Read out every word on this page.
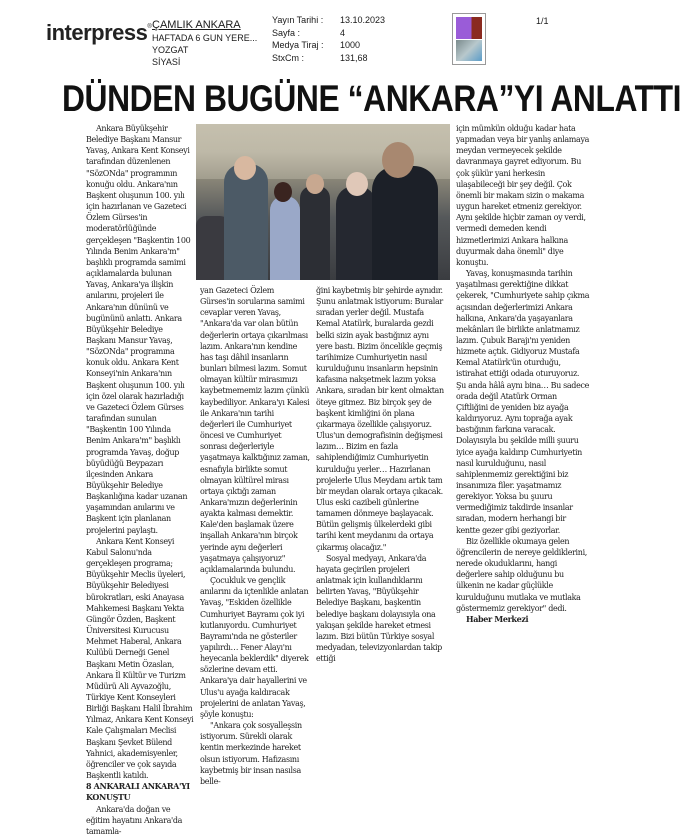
interpress® ÇAMLIK ANKARA
HAFTADA 6 GUN YERE...
YOZGAT
SİYASİ
Yayın Tarihi :	13.10.2023
Sayfa :	4
Medya Tiraj :	1000
StxCm :	131,68
1/1
DÜNDEN BUGÜNE “ANKARA”YI ANLATTI

Ankara Büyükşehir Belediye Başkanı Mansur Yavaş, Ankara Kent Konseyi tarafından düzenlenen "SözONda" programının konuğu oldu. Ankara'nın Başkent oluşunun 100. yılı için hazırlanan ve Gazeteci Özlem Gürses'in moderatörlüğünde gerçekleşen "Başkentin 100 Yılında Benim Ankara'm" başlıklı programda samimi açıklamalarda bulunan Yavaş, Ankara'ya ilişkin anılarını, projeleri ile Ankara'nın dününü ve bugününü anlattı. Ankara Büyükşehir Belediye Başkanı Mansur Yavaş, "SözONda" programına konuk oldu. Ankara Kent Konseyi'nin Ankara'nın Başkent oluşunun 100. yılı için özel olarak hazırladığı ve Gazeteci Özlem Gürses tarafından sunulan "Başkentin 100 Yılında Benim Ankara'm" başlıklı programda Yavaş, doğup büyüdüğü Beypazarı ilçesinden Ankara Büyükşehir Belediye Başkanlığına kadar uzanan yaşamından anılarını ve Başkent için planlanan projelerini paylaştı.

Ankara Kent Konseyi Kabul Salonu'nda gerçekleşen programa; Büyükşehir Meclis üyeleri, Büyükşehir Belediyesi bürokratları, eski Anayasa Mahkemesi Başkanı Yekta Güngör Özden, Başkent Üniversitesi Kurucusu Mehmet Haberal, Ankara Kulübü Derneği Genel Başkanı Metin Özaslan, Ankara İl Kültür ve Turizm Müdürü Ali Ayvazoğlu, Türkiye Kent Konseyleri Birliği Başkanı Halil İbrahim Yılmaz, Ankara Kent Konseyi Kale Çalışmaları Meclisi Başkanı Şevket Bülend Yahnici, akademisyenler, öğrenciler ve çok sayıda Başkentli katıldı.

8 ANKARALI ANKARA'YI KONUŞTU

Ankara'da doğan ve eğitim hayatını Ankara'da tamamla-

yan Gazeteci Özlem Gürses'in sorularına samimi cevaplar veren Yavaş, "Ankara'da var olan bütün değerlerin ortaya çıkarılması lazım. Ankara'nın kendine has taşı dâhil insanların bunları bilmesi lazım. Somut olmayan kültür mirasımızı kaybetmememiz lazım çünkü kaybediliyor. Ankara'yı Kalesi ile Ankara'nın tarihi değerleri ile Cumhuriyet öncesi ve Cumhuriyet sonrası değerleriyle yaşatmaya kalktığınız zaman, esnafıyla birlikte somut olmayan kültürel mirası ortaya çıktığı zaman Ankara'mızın değerlerinin ayakta kalması demektir. Kale'den başlamak üzere inşallah Ankara'nın birçok yerinde aynı değerleri yaşatmaya çalışıyoruz" açıklamalarında bulundu.

Çocukluk ve gençlik anılarını da içtenlikle anlatan Yavaş, "Eskiden özellikle Cumhuriyet Bayramı çok iyi kutlanıyordu. Cumhuriyet Bayramı'nda ne gösteriler yapılırdı… Fener Alayı'nı heyecanla beklerdik" diyerek sözlerine devam etti. Ankara'ya dair hayallerini ve Ulus'u ayağa kaldıracak projelerini de anlatan Yavaş, şöyle konuştu:

"Ankara çok sosyalleşsin istiyorum. Sürekli olarak kentin merkezinde hareket olsun istiyorum. Hafızasını kaybetmiş bir insan nasılsa belle-

ğini kaybetmiş bir şehirde aynıdır. Şunu anlatmak istiyorum: Buralar sıradan yerler değil. Mustafa Kemal Atatürk, buralarda gezdi belki sizin ayak bastığınız aynı yere bastı. Bizim öncelikle geçmiş tarihimize Cumhuriyetin nasıl kurulduğunu insanların hepsinin kafasına nakşetmek lazım yoksa Ankara, sıradan bir kent olmaktan öteye gitmez. Biz birçok şey de başkent kimliğini ön plana çıkarmaya özellikle çalışıyoruz. Ulus'un demografisinin değişmesi lazım… Bizim en fazla sahiplendiğimiz Cumhuriyetin kurulduğu yerler… Hazırlanan projelerle Ulus Meydanı artık tam bir meydan olarak ortaya çıkacak. Ulus eski cazibeli günlerine tamamen dönmeye başlayacak. Bütün gelişmiş ülkelerdeki gibi tarihi kent meydanını da ortaya çıkarmış olacağız."

Sosyal medyayı, Ankara'da hayata geçirilen projeleri anlatmak için kullandıklarını belirten Yavaş, "Büyükşehir Belediye Başkanı, başkentin belediye başkanı dolayısıyla ona yakışan şekilde hareket etmesi lazım. Bizi bütün Türkiye sosyal medyadan, televizyonlardan takip ettiği

için mümkün olduğu kadar hata yapmadan veya bir yanlış anlamaya meydan vermeyecek şekilde davranmaya gayret ediyorum. Bu çok şükür yani herkesin ulaşabileceği bir şey değil. Çok önemli bir makam sizin o makama uygun hareket etmeniz gerekiyor. Aynı şekilde hiçbir zaman oy verdi, vermedi demeden kendi hizmetlerimizi Ankara halkına duyurmak daha önemli" diye konuştu.

Yavaş, konuşmasında tarihin yaşatılması gerektiğine dikkat çekerek, "Cumhuriyete sahip çıkma açısından değerlerimizi Ankara halkına, Ankara'da yaşayanlara mekânları ile birlikte anlatmamız lazım. Çubuk Barajı'nı yeniden hizmete açtık. Gidiyoruz Mustafa Kemal Atatürk'ün oturduğu, istirahat ettiği odada oturuyoruz. Şu anda hâlâ aynı bina… Bu sadece orada değil Atatürk Orman Çiftliğini de yeniden biz ayağa kaldırıyoruz. Aynı toprağa ayak bastığının farkına varacak. Dolayısıyla bu şekilde milli şuuru iyice ayağa kaldırıp Cumhuriyetin nasıl kurulduğunu, nasıl sahiplenmemiz gerektiğini biz insanımıza filer. yaşatmamız gerekiyor. Yoksa bu şuuru vermediğimiz takdirde insanlar sıradan, modern herhangi bir kentte gezer gibi geziyorlar.

Biz özellikle okumaya gelen öğrencilerin de nereye geldiklerini, nerede okuduklarını, hangi değerlere sahip olduğunu bu ülkenin ne kadar güçlükle kurulduğunu mutlaka ve mutlaka göstermemiz gerekiyor" dedi.

Haber Merkezi
